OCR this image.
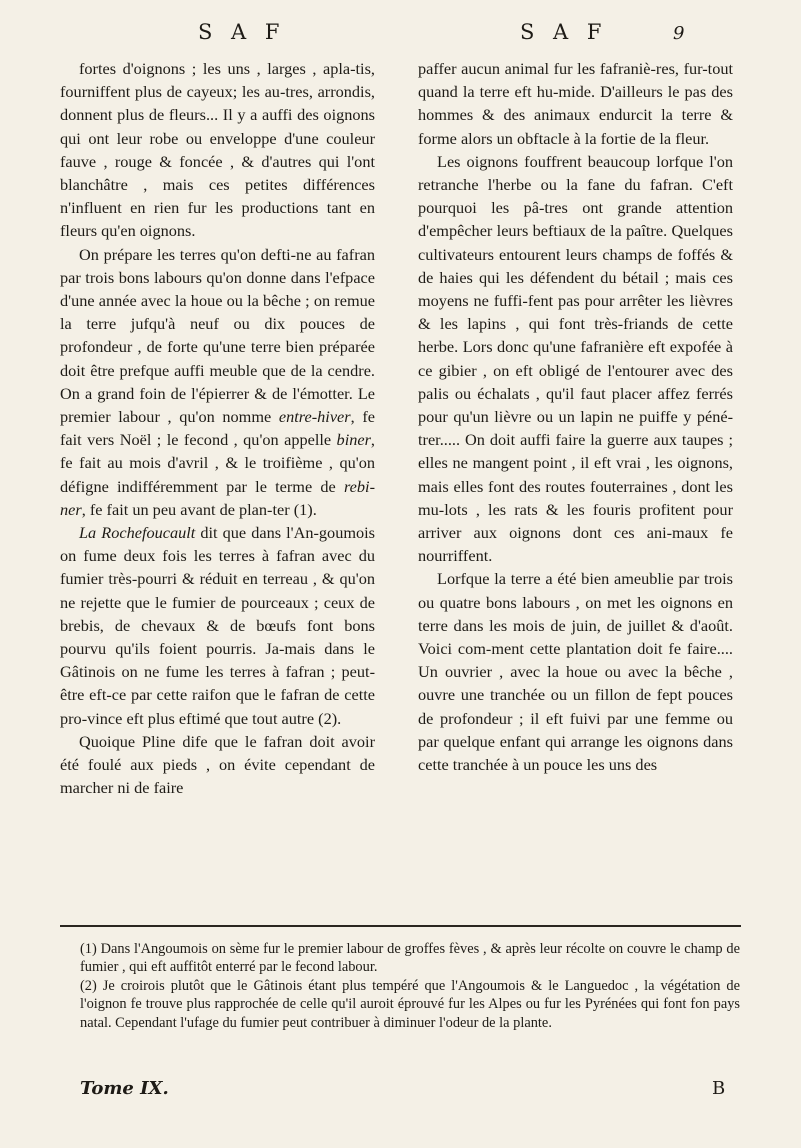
S A F	S A F	9

fortes d'oignons ; les uns , larges , apla-tis, fourniffent plus de cayeux; les au-tres, arrondis, donnent plus de fleurs... Il y a auffi des oignons qui ont leur robe ou enveloppe d'une couleur fauve , rouge & foncée , & d'autres qui l'ont blanchâtre , mais ces petites différences n'influent en rien fur les productions tant en fleurs qu'en oignons.

On prépare les terres qu'on defti-ne au fafran par trois bons labours qu'on donne dans l'efpace d'une année avec la houe ou la bêche ; on remue la terre jufqu'à neuf ou dix pouces de profondeur , de forte qu'une terre bien préparée doit être prefque auffi meuble que de la cendre. On a grand foin de l'épierrer & de l'émotter. Le premier labour , qu'on nomme entre-hiver, fe fait vers Noël ; le fecond , qu'on appelle biner, fe fait au mois d'avril , & le troifième , qu'on défigne indifféremment par le terme de rebi-ner, fe fait un peu avant de plan-ter (1).

La Rochefoucault dit que dans l'An-goumois on fume deux fois les terres à fafran avec du fumier très-pourri & réduit en terreau , & qu'on ne rejette que le fumier de pourceaux ; ceux de brebis, de chevaux & de bœufs font bons pourvu qu'ils foient pourris. Ja-mais dans le Gâtinois on ne fume les terres à fafran ; peut-être eft-ce par cette raifon que le fafran de cette pro-vince eft plus eftimé que tout autre (2).

Quoique Pline dife que le fafran doit avoir été foulé aux pieds , on évite cependant de marcher ni de faire

paffer aucun animal fur les fafraniè-res, fur-tout quand la terre eft hu-mide. D'ailleurs le pas des hommes & des animaux endurcit la terre & forme alors un obftacle à la fortie de la fleur.

Les oignons fouffrent beaucoup lorfque l'on retranche l'herbe ou la fane du fafran. C'eft pourquoi les pâ-tres ont grande attention d'empêcher leurs beftiaux de la paître. Quelques cultivateurs entourent leurs champs de foffés & de haies qui les défendent du bétail ; mais ces moyens ne fuffi-fent pas pour arrêter les lièvres & les lapins , qui font très-friands de cette herbe. Lors donc qu'une fafranière eft expofée à ce gibier , on eft obligé de l'entourer avec des palis ou échalats , qu'il faut placer affez ferrés pour qu'un lièvre ou un lapin ne puiffe y péné-trer..... On doit auffi faire la guerre aux taupes ; elles ne mangent point , il eft vrai , les oignons, mais elles font des routes fouterraines , dont les mu-lots , les rats & les fouris profitent pour arriver aux oignons dont ces ani-maux fe nourriffent.

Lorfque la terre a été bien ameublie par trois ou quatre bons labours , on met les oignons en terre dans les mois de juin, de juillet & d'août. Voici com-ment cette plantation doit fe faire.... Un ouvrier , avec la houe ou avec la bêche , ouvre une tranchée ou un fillon de fept pouces de profondeur ; il eft fuivi par une femme ou par quelque enfant qui arrange les oignons dans cette tranchée à un pouce les uns des

(1) Dans l'Angoumois on sème fur le premier labour de groffes fèves , & après leur récolte on couvre le champ de fumier , qui eft auffitôt enterré par le fecond labour.

(2) Je croirois plutôt que le Gâtinois étant plus tempéré que l'Angoumois & le Languedoc , la végétation de l'oignon fe trouve plus rapprochée de celle qu'il auroit éprouvé fur les Alpes ou fur les Pyrénées qui font fon pays natal. Cependant l'ufage du fumier peut contribuer à diminuer l'odeur de la plante.

Tome IX.	B
